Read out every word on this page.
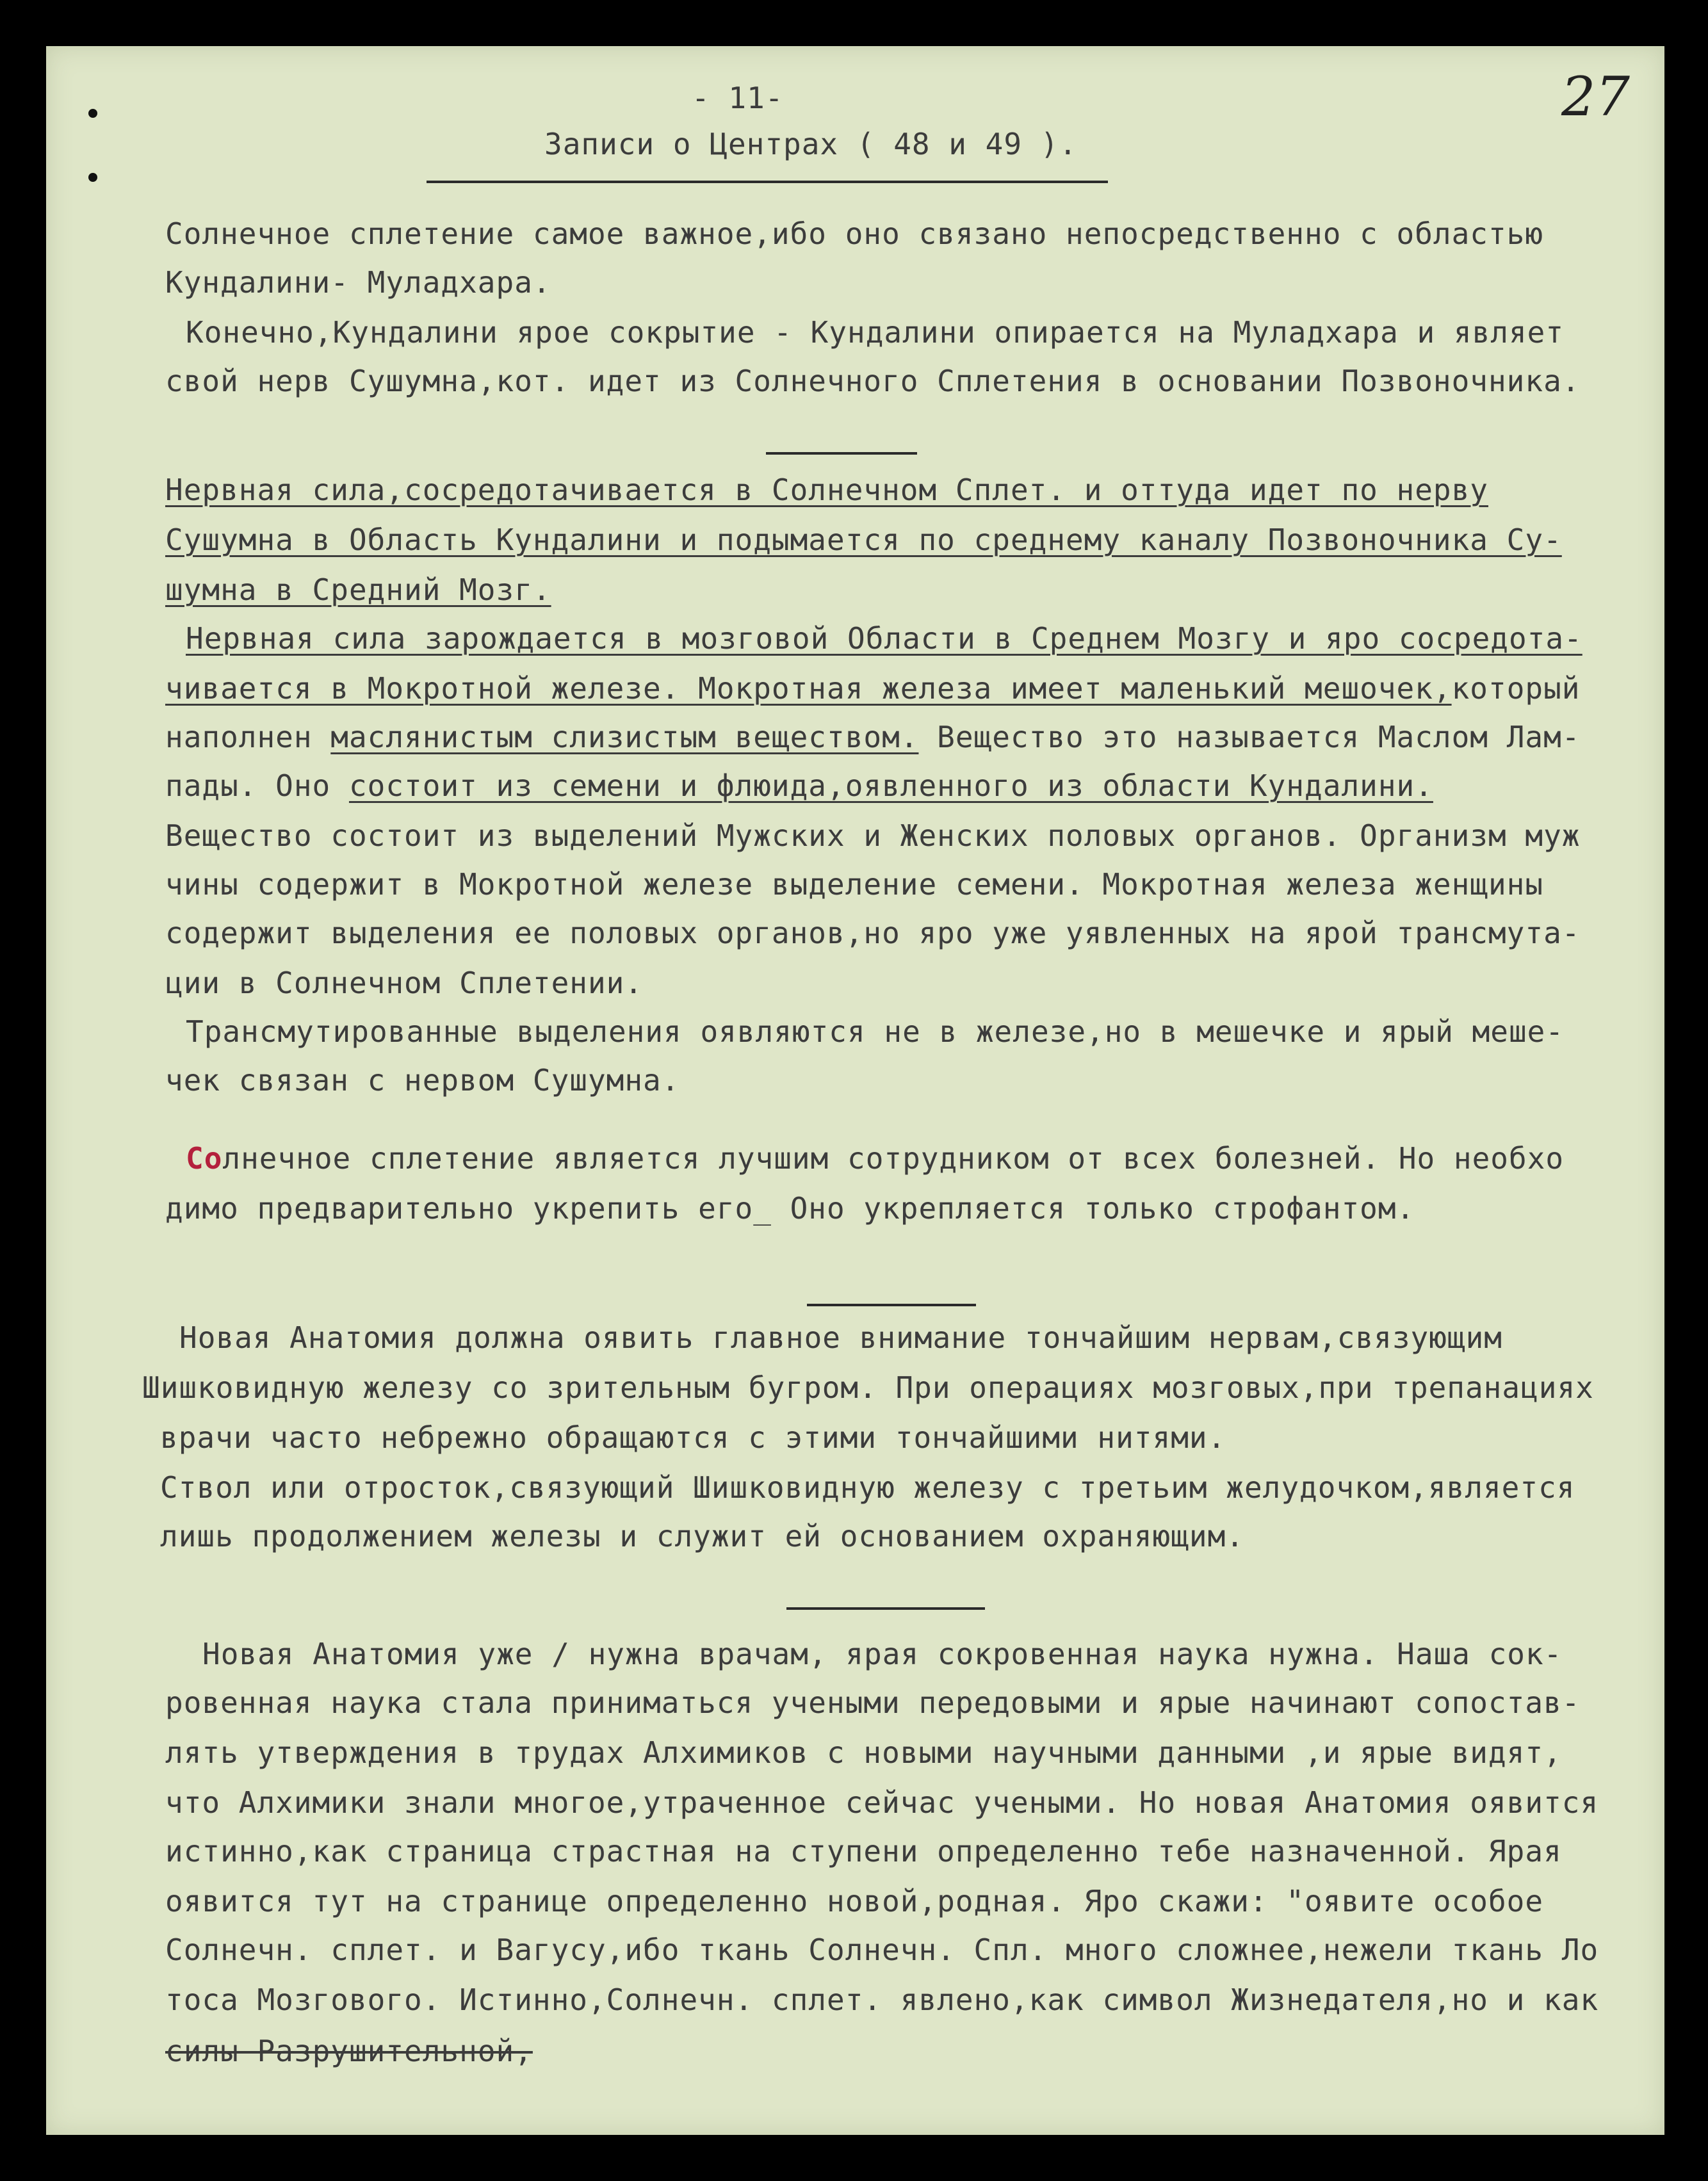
- 11-	27

Записи о Центрах ( 48 и 49 ).

Солнечное сплетение самое важное,ибо оно связано непосредственно с областью

Кундалини- Муладхара.

Конечно,Кундалини ярое сокрытие - Кундалини опирается на Муладхара и являет

свой нерв Сушумна,кот. идет из Солнечного Сплетения в основании Позвоночника.

Нервная сила,сосредотачивается в Солнечном Сплет. и оттуда идет по нерву

Сушумна в Область Кундалини и подымается по среднему каналу Позвоночника Су-

шумна в Средний Мозг.

Нервная сила зарождается в мозговой Области в Среднем Мозгу и яро сосредота-

чивается в Мокротной железе. Мокротная железа имеет маленький мешочек,который

наполнен маслянистым слизистым веществом. Вещество это называется Маслом Лам-

пады. Оно состоит из семени и флюида,оявленного из области Кундалини.

Вещество состоит из выделений Мужских и Женских половых органов. Организм муж

чины содержит в Мокротной железе выделение семени. Мокротная железа женщины

содержит выделения ее половых органов,но яро уже уявленных на ярой трансмута-

ции в Солнечном Сплетении.

Трансмутированные выделения оявляются не в железе,но в мешечке и ярый меше-

чек связан с нервом Сушумна.

Солнечное сплетение является лучшим сотрудником от всех болезней. Но необхо

димо предварительно укрепить его_ Оно укрепляется только строфантом.

Новая Анатомия должна оявить главное внимание тончайшим нервам,связующим

Шишковидную железу со зрительным бугром. При операциях мозговых,при трепанациях

врачи часто небрежно обращаются с этими тончайшими нитями.

Ствол или отросток,связующий Шишковидную железу с третьим желудочком,является

лишь продолжением железы и служит ей основанием охраняющим.

Новая Анатомия уже / нужна врачам, ярая сокровенная наука нужна. Наша сок-

ровенная наука стала приниматься учеными передовыми и ярые начинают сопостав-

лять утверждения в трудах Алхимиков с новыми научными данными ,и ярые видят,

что Алхимики знали многое,утраченное сейчас учеными. Но новая Анатомия оявится

истинно,как страница страстная на ступени определенно тебе назначенной. Ярая

оявится тут на странице определенно новой,родная. Яро скажи: "оявите особое

Солнечн. сплет. и Вагусу,ибо ткань Солнечн. Спл. много сложнее,нежели ткань Ло

тоса Мозгового. Истинно,Солнечн. сплет. явлено,как символ Жизнедателя,но и как

силы Разрушительной,
